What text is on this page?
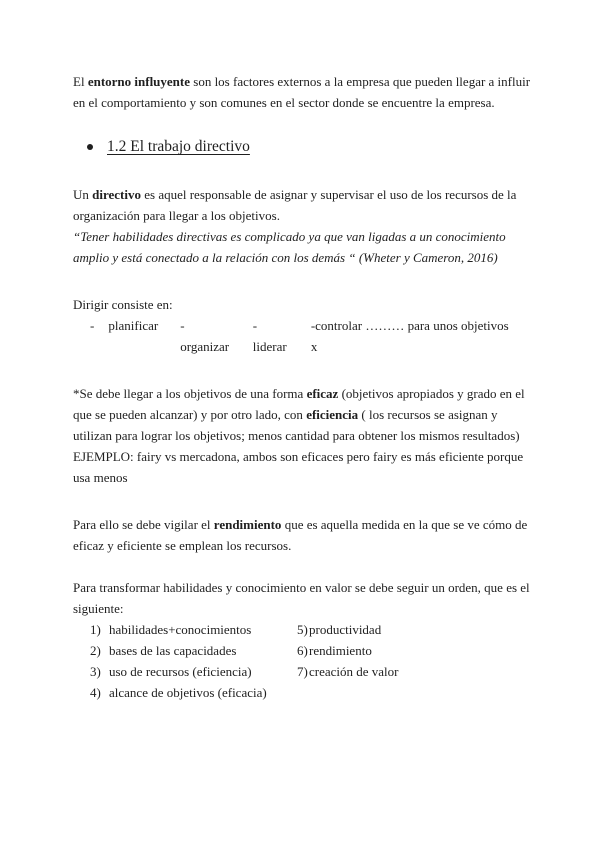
El entorno influyente son los factores externos a la empresa que pueden llegar a influir en el comportamiento y son comunes en el sector donde se encuentre la empresa.

1.2 El trabajo directivo

Un directivo es aquel responsable de asignar y supervisar el uso de los recursos de la organización para llegar a los objetivos.

“Tener habilidades directivas es complicado ya que van ligadas a un conocimiento amplio y está conectado a la relación con los demás “ (Wheter y Cameron, 2016)

Dirigir consiste en:

-	planificar -organizar
-liderar
-controlar ……… para unos objetivos x

*Se debe llegar a los objetivos de una forma eficaz (objetivos apropiados y grado en el que se pueden alcanzar) y por otro lado, con eficiencia ( los recursos se asignan y utilizan para lograr los objetivos; menos cantidad para obtener los mismos resultados)

EJEMPLO: fairy vs mercadona, ambos son eficaces pero fairy es más eficiente porque usa menos

Para ello se debe vigilar el rendimiento que es aquella medida en la que se ve cómo de eficaz y eficiente se emplean los recursos.

Para transformar habilidades y conocimiento en valor se debe seguir un orden, que es el siguiente:

1) habilidades+conocimientos	5) productividad
2) bases de las capacidades	6) rendimiento
3) uso de recursos (eficiencia)	7) creación de valor
4) alcance de objetivos (eficacia)
